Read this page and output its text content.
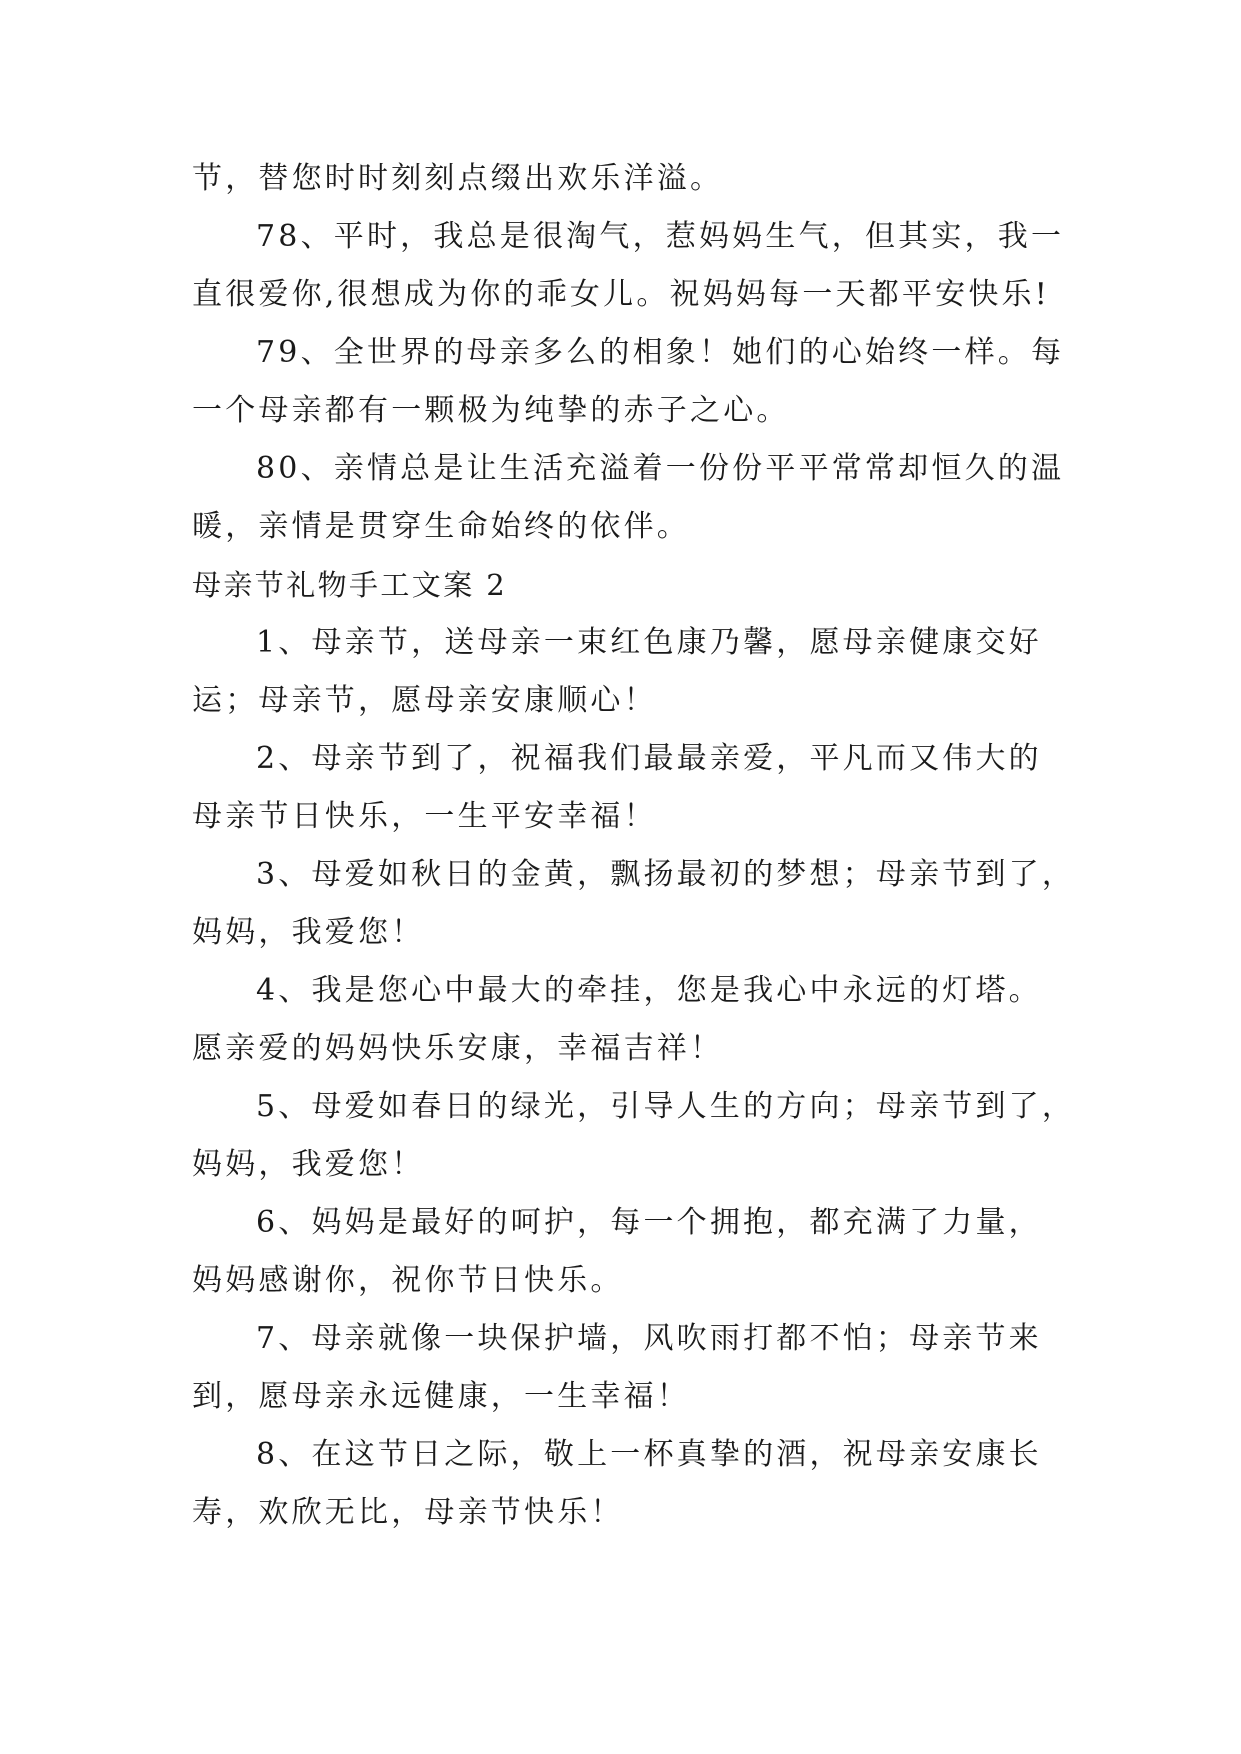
节，替您时时刻刻点缀出欢乐洋溢。
78、平时，我总是很淘气，惹妈妈生气，但其实，我一
直很爱你,很想成为你的乖女儿。祝妈妈每一天都平安快乐!
79、全世界的母亲多么的相象！她们的心始终一样。每
一个母亲都有一颗极为纯挚的赤子之心。
80、亲情总是让生活充溢着一份份平平常常却恒久的温
暖，亲情是贯穿生命始终的依伴。
母亲节礼物手工文案 2
1、母亲节，送母亲一束红色康乃馨，愿母亲健康交好
运；母亲节，愿母亲安康顺心！
2、母亲节到了，祝福我们最最亲爱，平凡而又伟大的
母亲节日快乐，一生平安幸福！
3、母爱如秋日的金黄，飘扬最初的梦想；母亲节到了，
妈妈，我爱您！
4、我是您心中最大的牵挂，您是我心中永远的灯塔。
愿亲爱的妈妈快乐安康，幸福吉祥！
5、母爱如春日的绿光，引导人生的方向；母亲节到了，
妈妈，我爱您！
6、妈妈是最好的呵护，每一个拥抱，都充满了力量，
妈妈感谢你，祝你节日快乐。
7、母亲就像一块保护墙，风吹雨打都不怕；母亲节来
到，愿母亲永远健康，一生幸福！
8、在这节日之际，敬上一杯真挚的酒，祝母亲安康长
寿，欢欣无比，母亲节快乐！
